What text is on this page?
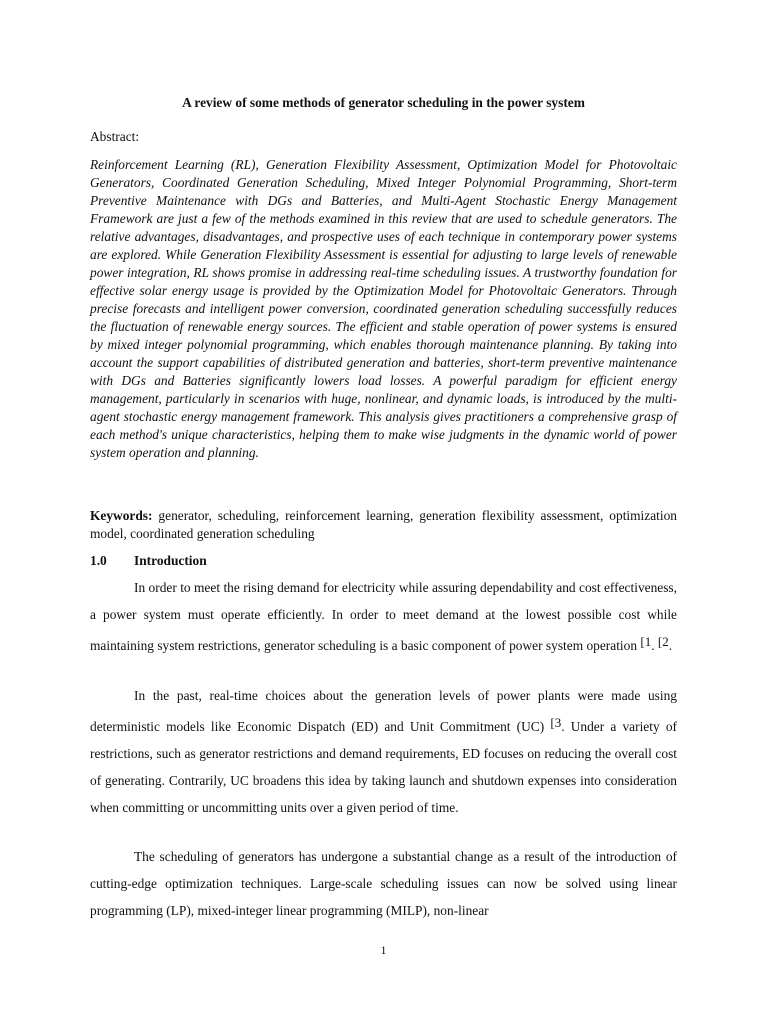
A review of some methods of generator scheduling in the power system
Abstract:

Reinforcement Learning (RL), Generation Flexibility Assessment, Optimization Model for Photovoltaic Generators, Coordinated Generation Scheduling, Mixed Integer Polynomial Programming, Short-term Preventive Maintenance with DGs and Batteries, and Multi-Agent Stochastic Energy Management Framework are just a few of the methods examined in this review that are used to schedule generators. The relative advantages, disadvantages, and prospective uses of each technique in contemporary power systems are explored. While Generation Flexibility Assessment is essential for adjusting to large levels of renewable power integration, RL shows promise in addressing real-time scheduling issues. A trustworthy foundation for effective solar energy usage is provided by the Optimization Model for Photovoltaic Generators. Through precise forecasts and intelligent power conversion, coordinated generation scheduling successfully reduces the fluctuation of renewable energy sources. The efficient and stable operation of power systems is ensured by mixed integer polynomial programming, which enables thorough maintenance planning. By taking into account the support capabilities of distributed generation and batteries, short-term preventive maintenance with DGs and Batteries significantly lowers load losses. A powerful paradigm for efficient energy management, particularly in scenarios with huge, nonlinear, and dynamic loads, is introduced by the multi-agent stochastic energy management framework. This analysis gives practitioners a comprehensive grasp of each method's unique characteristics, helping them to make wise judgments in the dynamic world of power system operation and planning.

Keywords: generator, scheduling, reinforcement learning, generation flexibility assessment, optimization model, coordinated generation scheduling

1.0 Introduction

In order to meet the rising demand for electricity while assuring dependability and cost effectiveness, a power system must operate efficiently. In order to meet demand at the lowest possible cost while maintaining system restrictions, generator scheduling is a basic component of power system operation [1. [2.

In the past, real-time choices about the generation levels of power plants were made using deterministic models like Economic Dispatch (ED) and Unit Commitment (UC) [3. Under a variety of restrictions, such as generator restrictions and demand requirements, ED focuses on reducing the overall cost of generating. Contrarily, UC broadens this idea by taking launch and shutdown expenses into consideration when committing or uncommitting units over a given period of time.

The scheduling of generators has undergone a substantial change as a result of the introduction of cutting-edge optimization techniques. Large-scale scheduling issues can now be solved using linear programming (LP), mixed-integer linear programming (MILP), non-linear

1
